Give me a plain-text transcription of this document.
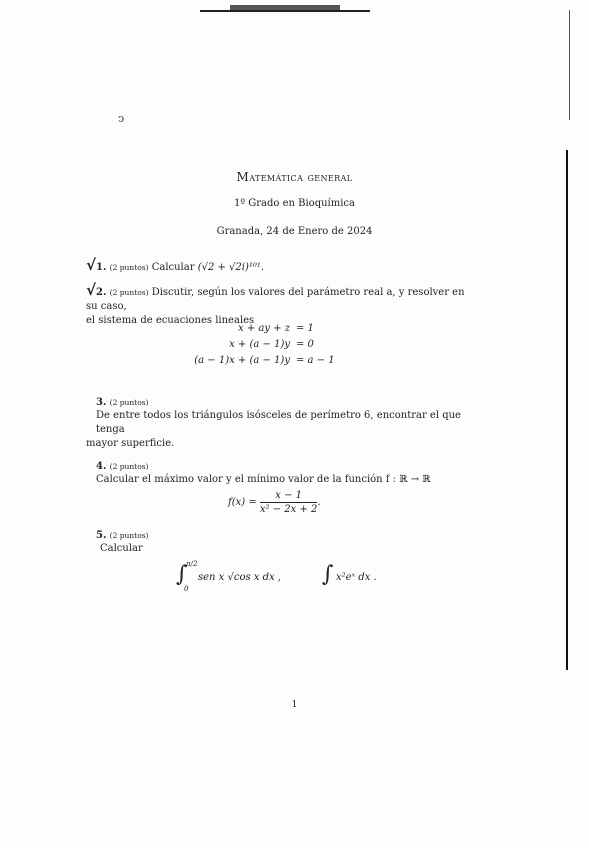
ↄ
Matemática general
1º Grado en Bioquímica
Granada, 24 de Enero de 2024
√1. (2 puntos) Calcular (√2 + √2i)¹⁰¹.
√2. (2 puntos) Discutir, según los valores del parámetro real a, y resolver en su caso,
el sistema de ecuaciones lineales
x + ay + z = 1
x + (a − 1)y = 0
(a − 1)x + (a − 1)y = a − 1
3. (2 puntos)
De entre todos los triángulos isósceles de perímetro 6, encontrar el que tenga
mayor superficie.
4. (2 puntos)
Calcular el máximo valor y el mínimo valor de la función f : ℝ → ℝ
$f(x) = \frac{x - 1}{\text{x² − 2x + 2}}$ .
5. (2 puntos)
Calcular
∫
π/2
0
sen x √cos x dx , ∫ x²eˣ dx .
1
